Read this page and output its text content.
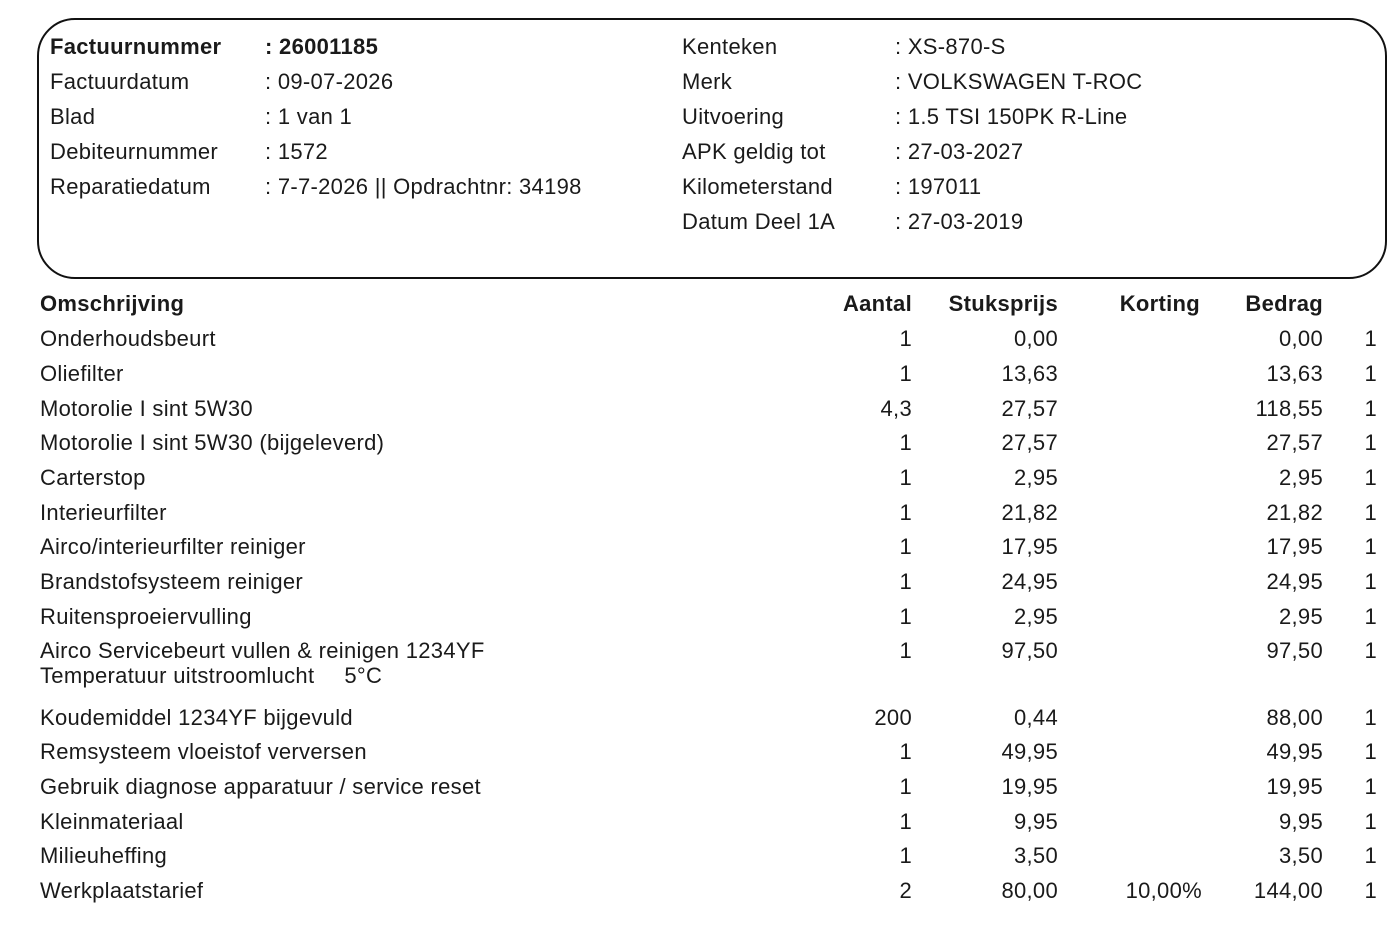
Factuurnummer	: 26001185
Factuurdatum	: 09-07-2026
Blad	: 1 van 1
Debiteurnummer	: 1572
Reparatiedatum	: 7-7-2026 || Opdrachtnr: 34198
Kenteken	: XS-870-S
Merk	: VOLKSWAGEN T-ROC
Uitvoering	: 1.5 TSI 150PK R-Line
APK geldig tot	: 27-03-2027
Kilometerstand	: 197011
Datum Deel 1A	: 27-03-2019
Omschrijving	Aantal	Stuksprijs	Korting	Bedrag	
Onderhoudsbeurt	1	0,00		0,00	1
Oliefilter	1	13,63		13,63	1
Motorolie I sint 5W30	4,3	27,57		118,55	1
Motorolie I sint 5W30 (bijgeleverd)	1	27,57		27,57	1
Carterstop	1	2,95		2,95	1
Interieurfilter	1	21,82		21,82	1
Airco/interieurfilter reiniger	1	17,95		17,95	1
Brandstofsysteem reiniger	1	24,95		24,95	1
Ruitensproeiervulling	1	2,95		2,95	1
Airco Servicebeurt vullen & reinigen 1234YF
Temperatuur uitstroomlucht 5°C	1	97,50		97,50	1
Koudemiddel 1234YF bijgevuld	200	0,44		88,00	1
Remsysteem vloeistof verversen	1	49,95		49,95	1
Gebruik diagnose apparatuur / service reset	1	19,95		19,95	1
Kleinmateriaal	1	9,95		9,95	1
Milieuheffing	1	3,50		3,50	1
Werkplaatstarief	2	80,00	10,00%	144,00	1
